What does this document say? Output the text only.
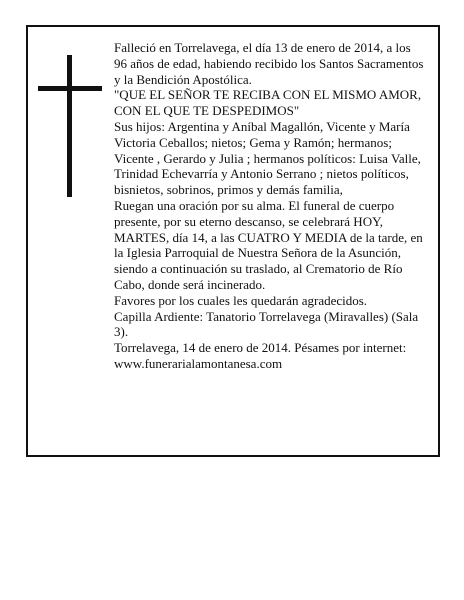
Falleció en Torrelavega, el día 13 de enero de 2014, a los 96 años de edad, habiendo recibido los Santos Sacramentos y la Bendición Apostólica.

"QUE EL SEÑOR TE RECIBA CON EL MISMO AMOR, CON EL QUE TE DESPEDIMOS"

Sus hijos: Argentina y Aníbal Magallón, Vicente y María Victoria Ceballos; nietos; Gema y Ramón; hermanos; Vicente , Gerardo y Julia ; hermanos políticos: Luisa Valle, Trinidad Echevarría y Antonio Serrano ; nietos políticos, bisnietos, sobrinos, primos y demás familia,

Ruegan una oración por su alma. El funeral de cuerpo presente, por su eterno descanso, se celebrará HOY, MARTES, día 14, a las CUATRO Y MEDIA de la tarde, en la Iglesia Parroquial de Nuestra Señora de la Asunción, siendo a continuación su traslado, al Crematorio de Río Cabo, donde será incinerado.

Favores por los cuales les quedarán agradecidos.

Capilla Ardiente: Tanatorio Torrelavega (Miravalles) (Sala 3).

Torrelavega, 14 de enero de 2014. Pésames por internet: www.funerarialamontanesa.com
